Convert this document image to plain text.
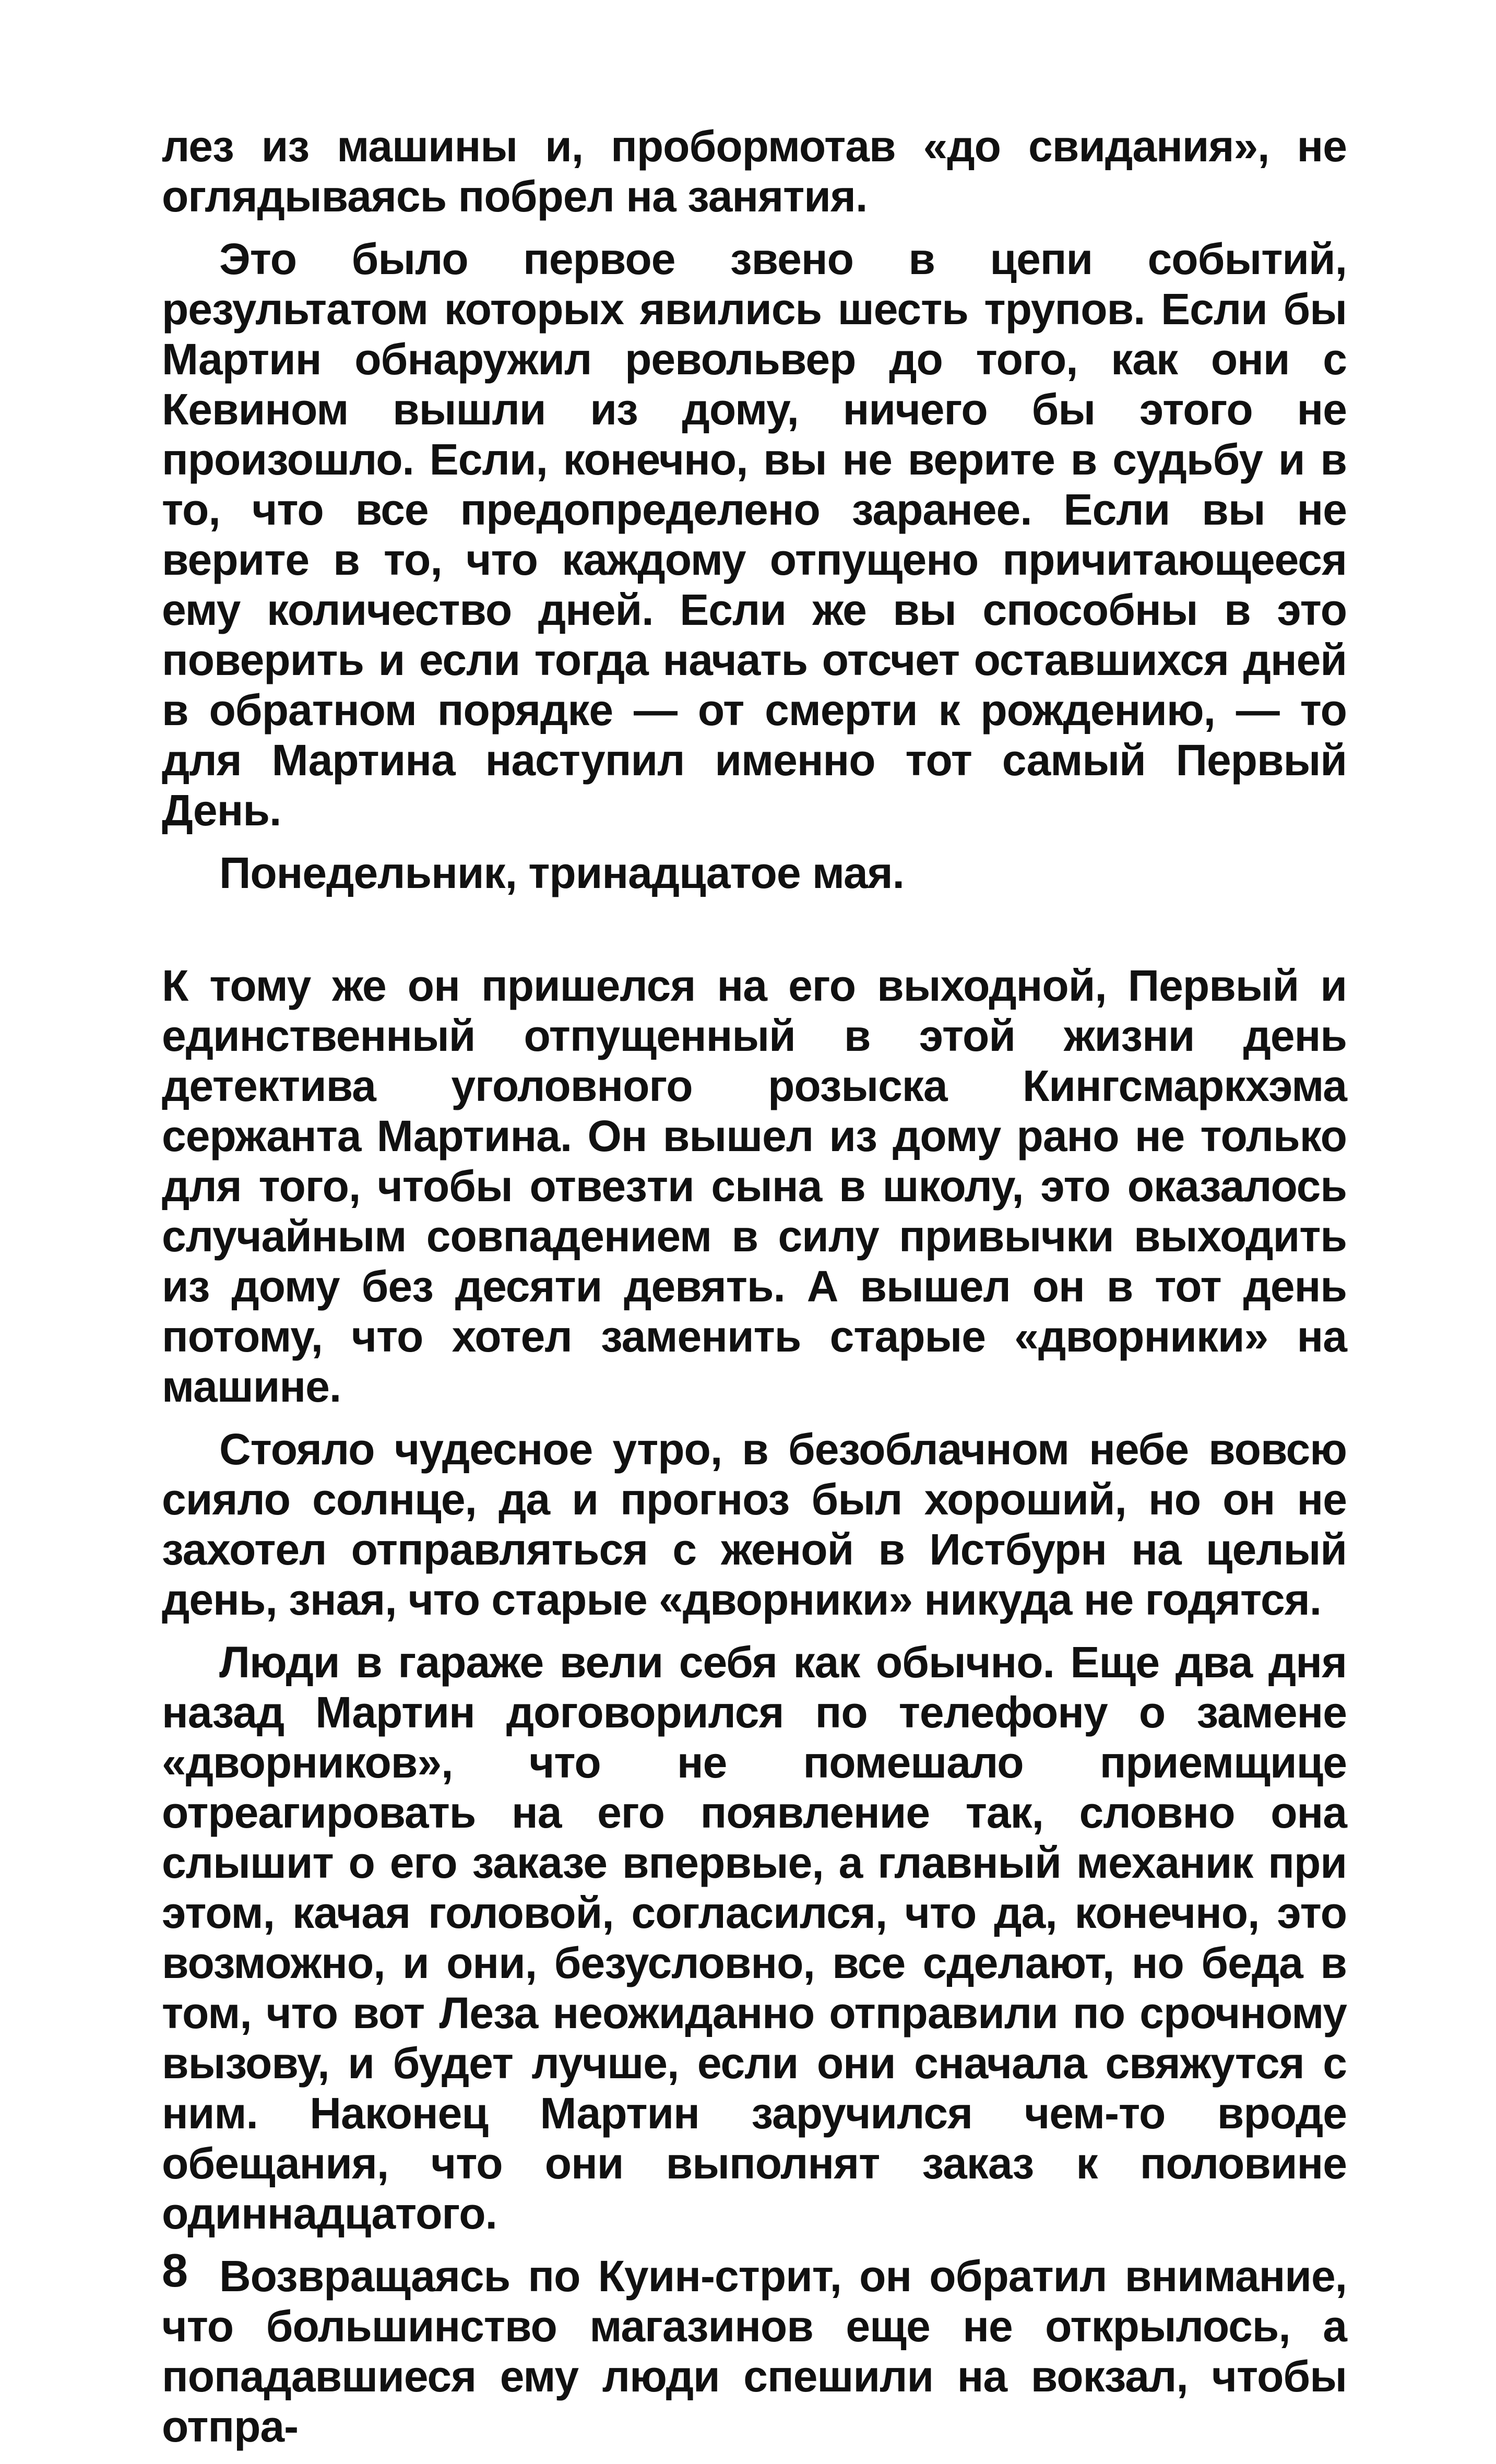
лез из машины и, пробормотав «до свидания», не оглядываясь побрел на занятия.

Это было первое звено в цепи событий, результатом которых явились шесть трупов. Если бы Мартин обнаружил револьвер до того, как они с Кевином вышли из дому, ничего бы этого не произошло. Если, конечно, вы не верите в судьбу и в то, что все предопределено заранее. Если вы не верите в то, что каждому отпущено причитающееся ему количество дней. Если же вы способны в это поверить и если тогда начать отсчет оставшихся дней в обратном порядке — от смерти к рождению, — то для Мартина наступил именно тот самый Первый День.

Понедельник, тринадцатое мая.

К тому же он пришелся на его выходной, Первый и единственный отпущенный в этой жизни день детектива уголовного розыска Кингсмаркхэма сержанта Мартина. Он вышел из дому рано не только для того, чтобы отвезти сына в школу, это оказалось случайным совпадением в силу привычки выходить из дому без десяти девять. А вышел он в тот день потому, что хотел заменить старые «дворники» на машине.

Стояло чудесное утро, в безоблачном небе вовсю сияло солнце, да и прогноз был хороший, но он не захотел отправляться с женой в Истбурн на целый день, зная, что старые «дворники» никуда не годятся.

Люди в гараже вели себя как обычно. Еще два дня назад Мартин договорился по телефону о замене «дворников», что не помешало приемщице отреагировать на его появление так, словно она слышит о его заказе впервые, а главный механик при этом, качая головой, согласился, что да, конечно, это возможно, и они, безусловно, все сделают, но беда в том, что вот Леза неожиданно отправили по срочному вызову, и будет лучше, если они сначала свяжутся с ним. Наконец Мартин заручился чем-то вроде обещания, что они выполнят заказ к половине одиннадцатого.

Возвращаясь по Куин-стрит, он обратил внимание, что большинство магазинов еще не открылось, а попадавшиеся ему люди спешили на вокзал, чтобы отпра-

8
